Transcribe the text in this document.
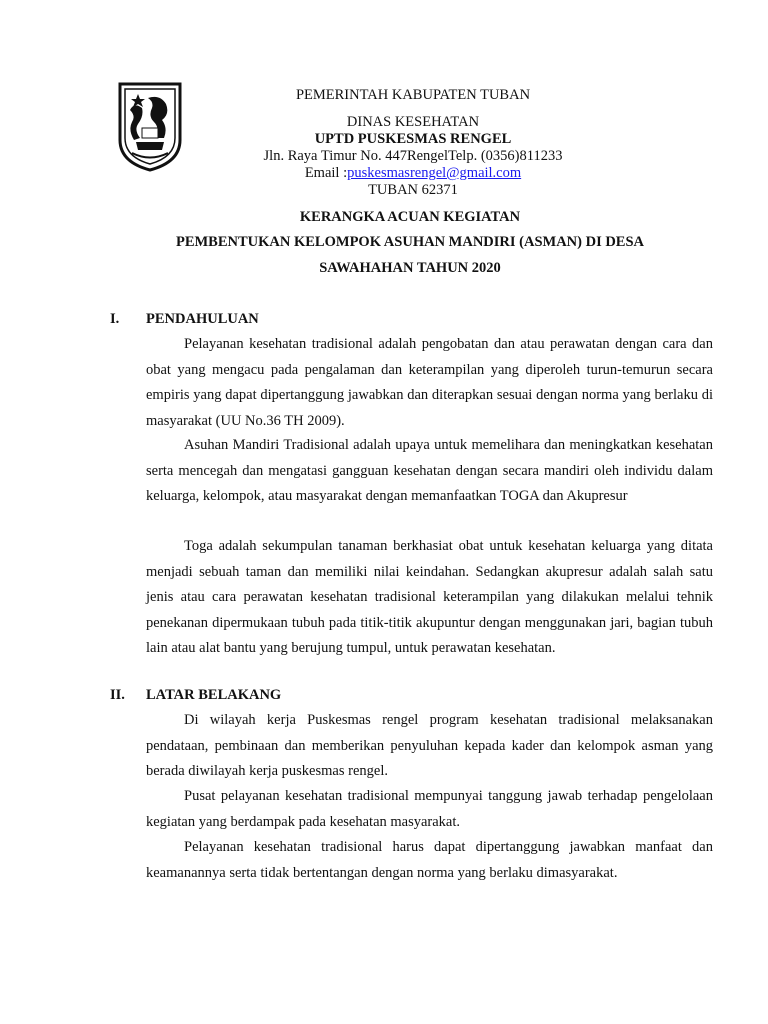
PEMERINTAH KABUPATEN TUBAN
DINAS KESEHATAN
UPTD PUSKESMAS RENGEL
Jln. Raya Timur No. 447RengelTelp. (0356)811233
Email :puskesmasrengel@gmail.com
TUBAN 62371
KERANGKA ACUAN KEGIATAN
PEMBENTUKAN KELOMPOK ASUHAN MANDIRI (ASMAN) DI DESA
SAWAHAHAN TAHUN 2020
I. PENDAHULUAN

Pelayanan kesehatan tradisional adalah pengobatan dan atau perawatan dengan cara dan obat yang mengacu pada pengalaman dan keterampilan yang diperoleh turun-temurun secara empiris yang dapat dipertanggung jawabkan dan diterapkan sesuai dengan norma yang berlaku di masyarakat (UU No.36 TH 2009).

Asuhan Mandiri Tradisional adalah upaya untuk memelihara dan meningkatkan kesehatan serta mencegah dan mengatasi gangguan kesehatan dengan secara mandiri oleh individu dalam keluarga, kelompok, atau masyarakat dengan memanfaatkan TOGA dan Akupresur

Toga adalah sekumpulan tanaman berkhasiat obat untuk kesehatan keluarga yang ditata menjadi sebuah taman dan memiliki nilai keindahan. Sedangkan akupresur adalah salah satu jenis atau cara perawatan kesehatan tradisional keterampilan yang dilakukan melalui tehnik penekanan dipermukaan tubuh pada titik-titik akupuntur dengan menggunakan jari, bagian tubuh lain atau alat bantu yang berujung tumpul, untuk perawatan kesehatan.

II. LATAR BELAKANG

Di wilayah kerja Puskesmas rengel program kesehatan tradisional melaksanakan pendataan, pembinaan dan memberikan penyuluhan kepada kader dan kelompok asman yang berada diwilayah kerja puskesmas rengel.

Pusat pelayanan kesehatan tradisional mempunyai tanggung jawab terhadap pengelolaan kegiatan yang berdampak pada kesehatan masyarakat.

Pelayanan kesehatan tradisional harus dapat dipertanggung jawabkan manfaat dan keamanannya serta tidak bertentangan dengan norma yang berlaku dimasyarakat.
